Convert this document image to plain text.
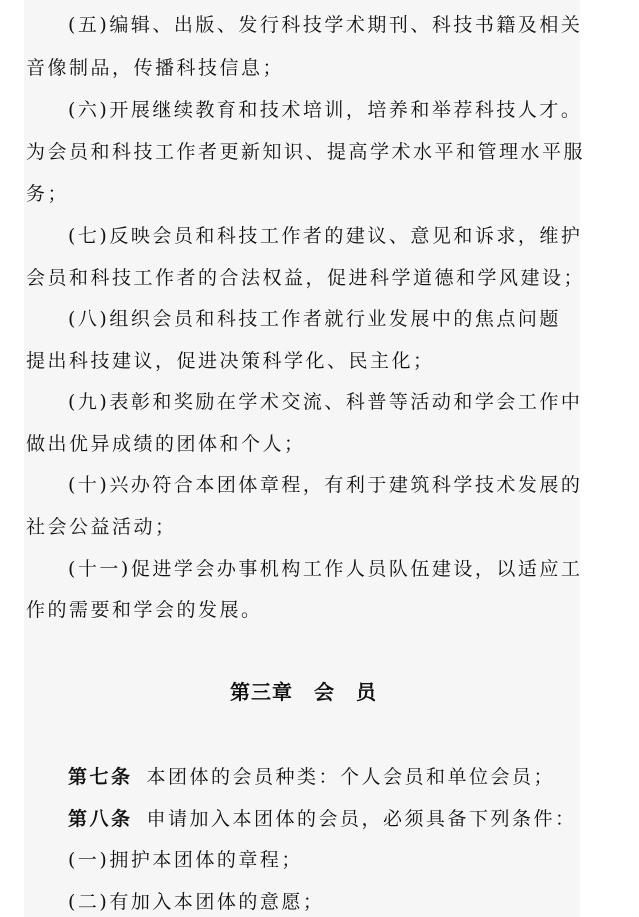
(五)编辑、出版、发行科技学术期刊、科技书籍及相关
音像制品，传播科技信息；
(六)开展继续教育和技术培训，培养和举荐科技人才。
为会员和科技工作者更新知识、提高学术水平和管理水平服
务；
(七)反映会员和科技工作者的建议、意见和诉求，维护
会员和科技工作者的合法权益，促进科学道德和学风建设；
(八)组织会员和科技工作者就行业发展中的焦点问题
提出科技建议，促进决策科学化、民主化；
(九)表彰和奖励在学术交流、科普等活动和学会工作中
做出优异成绩的团体和个人；
(十)兴办符合本团体章程，有利于建筑科学技术发展的
社会公益活动；
(十一)促进学会办事机构工作人员队伍建设，以适应工
作的需要和学会的发展。
第三章　会　员
第七条 本团体的会员种类：个人会员和单位会员；
第八条 申请加入本团体的会员，必须具备下列条件：
(一)拥护本团体的章程；
(二)有加入本团体的意愿；
